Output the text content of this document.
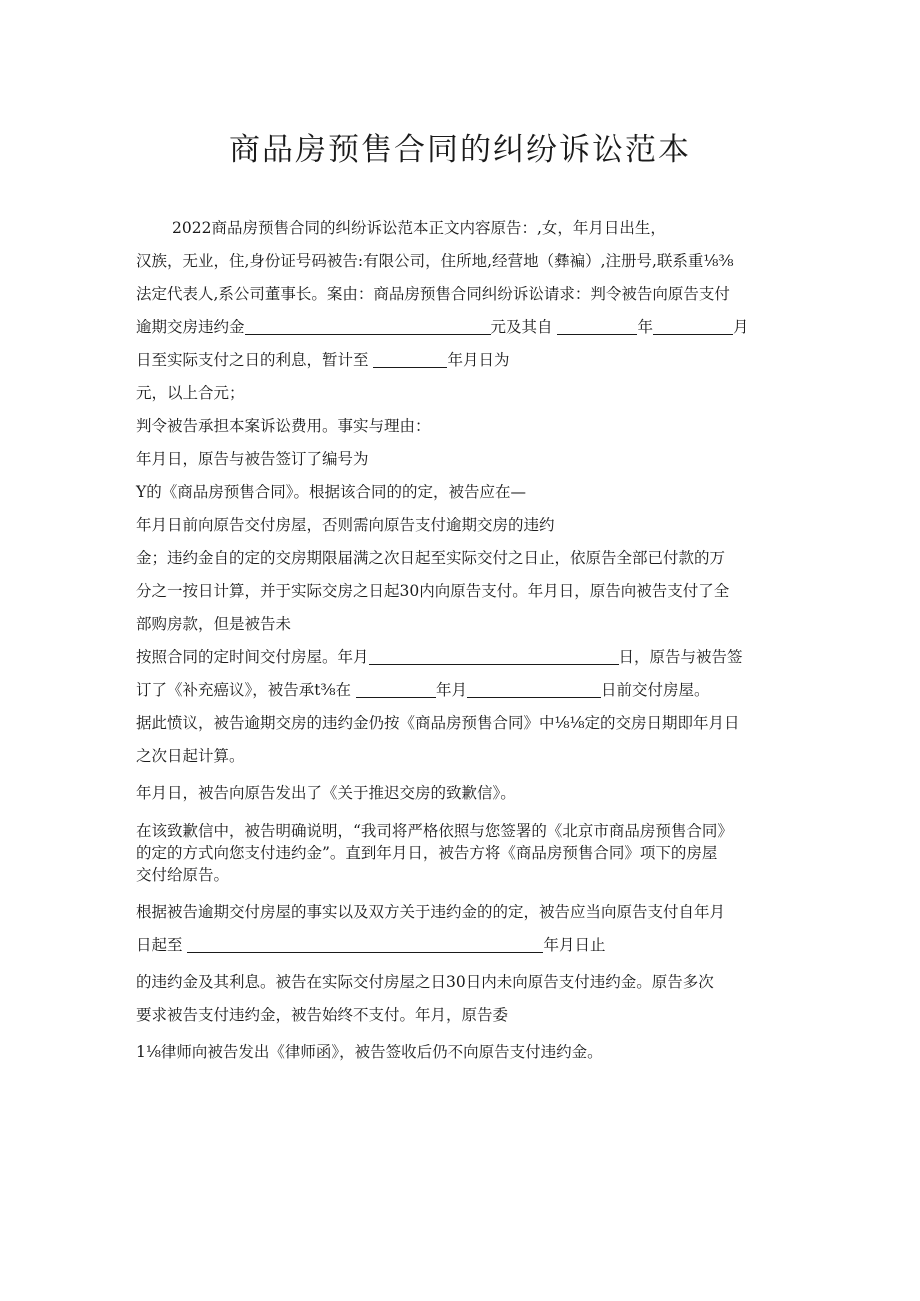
商品房预售合同的纠纷诉讼范本
2022商品房预售合同的纠纷诉讼范本正文内容原告：,女，年月日出生，
汉族，无业，住,身份证号码被告:有限公司，住所地,经营地（彝褊）,注册号,联系重⅛⅜
法定代表人,系公司董事长。案由：商品房预售合同纠纷诉讼请求：判令被告向原告支付
逾期交房违约金	元及其自	年	月
日至实际支付之日的利息，暂计至	年月日为
元，以上合元；
判令被告承担本案诉讼费用。事实与理由：
年月日，原告与被告签订了编号为
Y的《商品房预售合同》。根据该合同的的定，被告应在—
年月日前向原告交付房屋，否则需向原告支付逾期交房的违约
金；违约金自的定的交房期限届满之次日起至实际交付之日止，依原告全部已付款的万
分之一按日计算，并于实际交房之日起30内向原告支付。年月日，原告向被告支付了全
部购房款，但是被告未
按照合同的定时间交付房屋。年月	日，原告与被告签
订了《补充癌议》，被告承t⅜在	年月	日前交付房屋。
据此愤议，被告逾期交房的违约金仍按《商品房预售合同》中⅛⅛定的交房日期即年月日
之次日起计算。
年月日，被告向原告发出了《关于推迟交房的致歉信》。
在该致歉信中，被告明确说明，“我司将严格依照与您签署的《北京市商品房预售合同》
的定的方式向您支付违约金”。直到年月日，被告方将《商品房预售合同》项下的房屋
交付给原告。
根据被告逾期交付房屋的事实以及双方关于违约金的的定，被告应当向原告支付自年月
日起至	年月日止
的违约金及其利息。被告在实际交付房屋之日30日内未向原告支付违约金。原告多次
要求被告支付违约金，被告始终不支付。年月，原告委
1⅛律师向被告发出《律师函》，被告签收后仍不向原告支付违约金。
